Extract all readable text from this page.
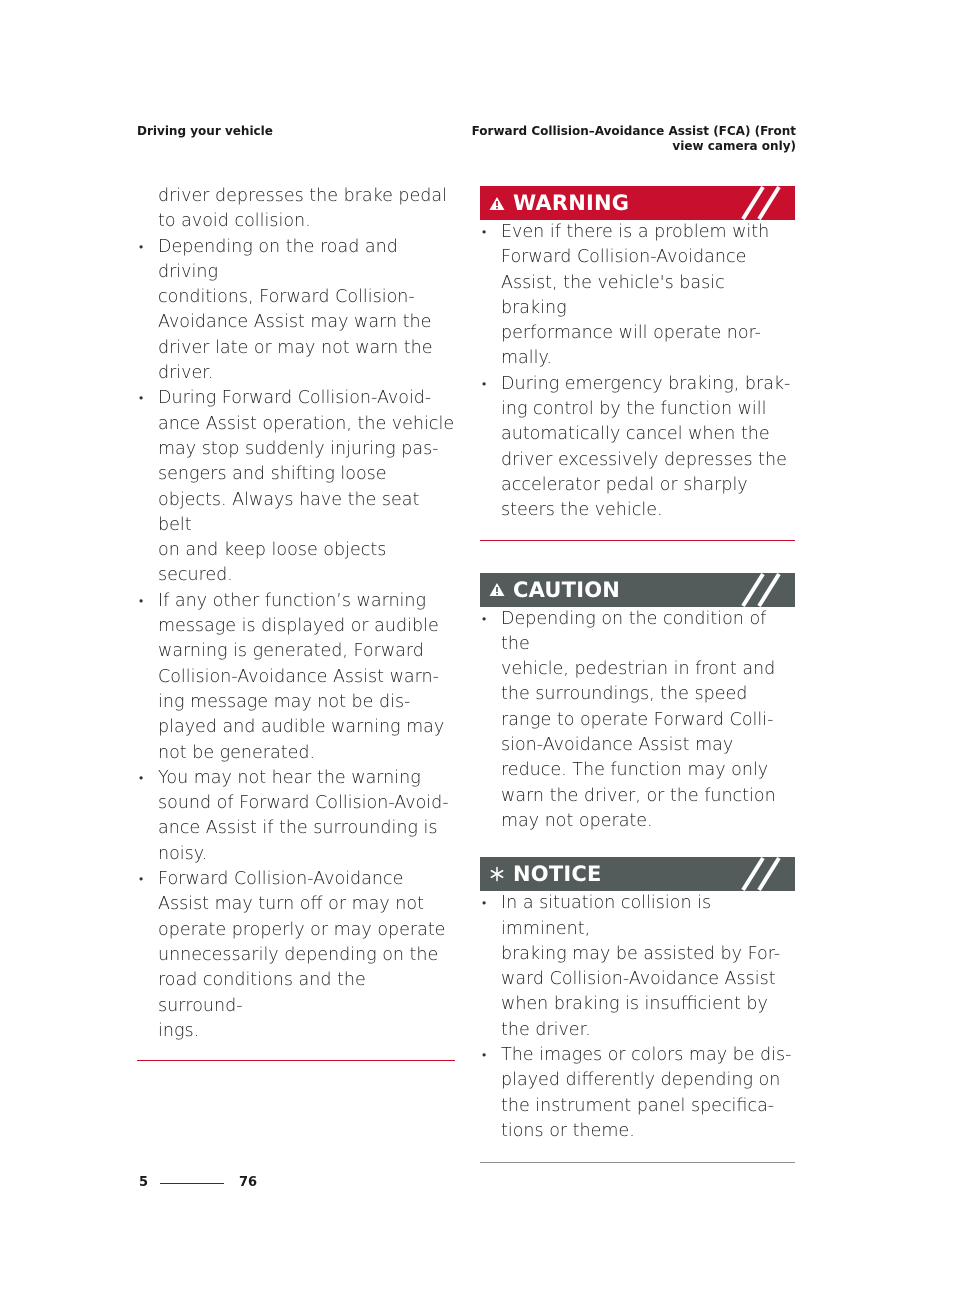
Driving your vehicle	Forward Collision–Avoidance Assist (FCA) (Front
view camera only)
driver depresses the brake pedal
to avoid collision.
• Depending on the road and driving
conditions, Forward Collision-
Avoidance Assist may warn the
driver late or may not warn the
driver.
• During Forward Collision-Avoid-
ance Assist operation, the vehicle
may stop suddenly injuring pas-
sengers and shifting loose
objects. Always have the seat belt
on and keep loose objects
secured.
• If any other function’s warning
message is displayed or audible
warning is generated, Forward
Collision-Avoidance Assist warn-
ing message may not be dis-
played and audible warning may
not be generated.
• You may not hear the warning
sound of Forward Collision-Avoid-
ance Assist if the surrounding is
noisy.
• Forward Collision-Avoidance
Assist may turn off or may not
operate properly or may operate
unnecessarily depending on the
road conditions and the surround-
ings.
WARNING
• Even if there is a problem with
Forward Collision-Avoidance
Assist, the vehicle's basic braking
performance will operate nor-
mally.
• During emergency braking, brak-
ing control by the function will
automatically cancel when the
driver excessively depresses the
accelerator pedal or sharply
steers the vehicle.
CAUTION
• Depending on the condition of the
vehicle, pedestrian in front and
the surroundings, the speed
range to operate Forward Colli-
sion-Avoidance Assist may
reduce. The function may only
warn the driver, or the function
may not operate.
NOTICE
• In a situation collision is imminent,
braking may be assisted by For-
ward Collision-Avoidance Assist
when braking is insufficient by
the driver.
• The images or colors may be dis-
played differently depending on
the instrument panel specifica-
tions or theme.
5	76
